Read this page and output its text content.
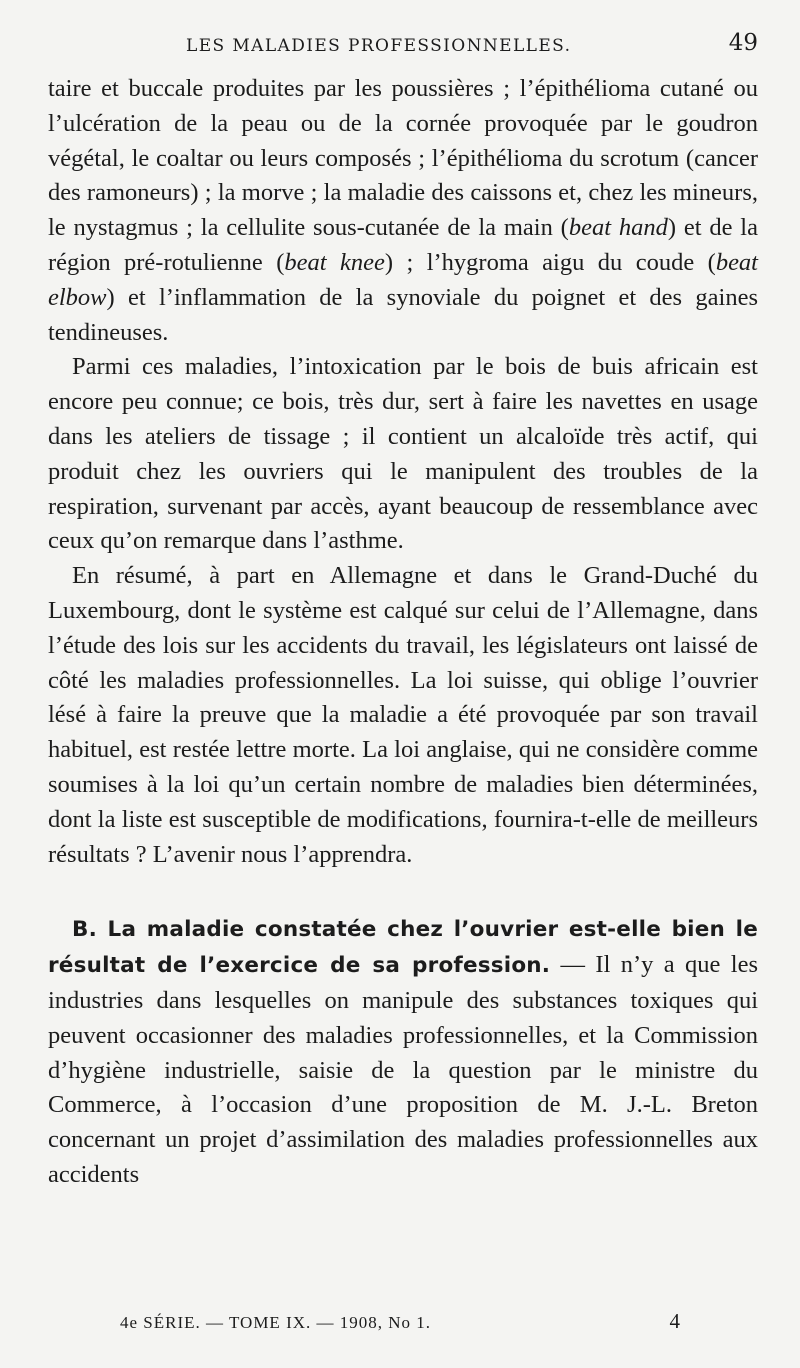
LES MALADIES PROFESSIONNELLES.	49

taire et buccale produites par les poussières ; l’épithélioma cutané ou l’ulcération de la peau ou de la cornée provoquée par le goudron végétal, le coaltar ou leurs composés ; l’épithélioma du scrotum (cancer des ramoneurs) ; la morve ; la maladie des caissons et, chez les mineurs, le nystagmus ; la cellulite sous-cutanée de la main (beat hand) et de la région pré-rotulienne (beat knee) ; l’hygroma aigu du coude (beat elbow) et l’inflammation de la synoviale du poignet et des gaines tendineuses.

Parmi ces maladies, l’intoxication par le bois de buis africain est encore peu connue; ce bois, très dur, sert à faire les navettes en usage dans les ateliers de tissage ; il contient un alcaloïde très actif, qui produit chez les ouvriers qui le manipulent des troubles de la respiration, survenant par accès, ayant beaucoup de ressemblance avec ceux qu’on remarque dans l’asthme.

En résumé, à part en Allemagne et dans le Grand-Duché du Luxembourg, dont le système est calqué sur celui de l’Allemagne, dans l’étude des lois sur les accidents du travail, les législateurs ont laissé de côté les maladies professionnelles. La loi suisse, qui oblige l’ouvrier lésé à faire la preuve que la maladie a été provoquée par son travail habituel, est restée lettre morte. La loi anglaise, qui ne considère comme soumises à la loi qu’un certain nombre de maladies bien déterminées, dont la liste est susceptible de modifications, fournira-t-elle de meilleurs résultats ? L’avenir nous l’apprendra.

B. La maladie constatée chez l’ouvrier est-elle bien le résultat de l’exercice de sa profession. — Il n’y a que les industries dans lesquelles on manipule des substances toxiques qui peuvent occasionner des maladies professionnelles, et la Commission d’hygiène industrielle, saisie de la question par le ministre du Commerce, à l’occasion d’une proposition de M. J.-L. Breton concernant un projet d’assimilation des maladies professionnelles aux accidents

4e SÉRIE. — TOME IX. — 1908, No 1.	4
